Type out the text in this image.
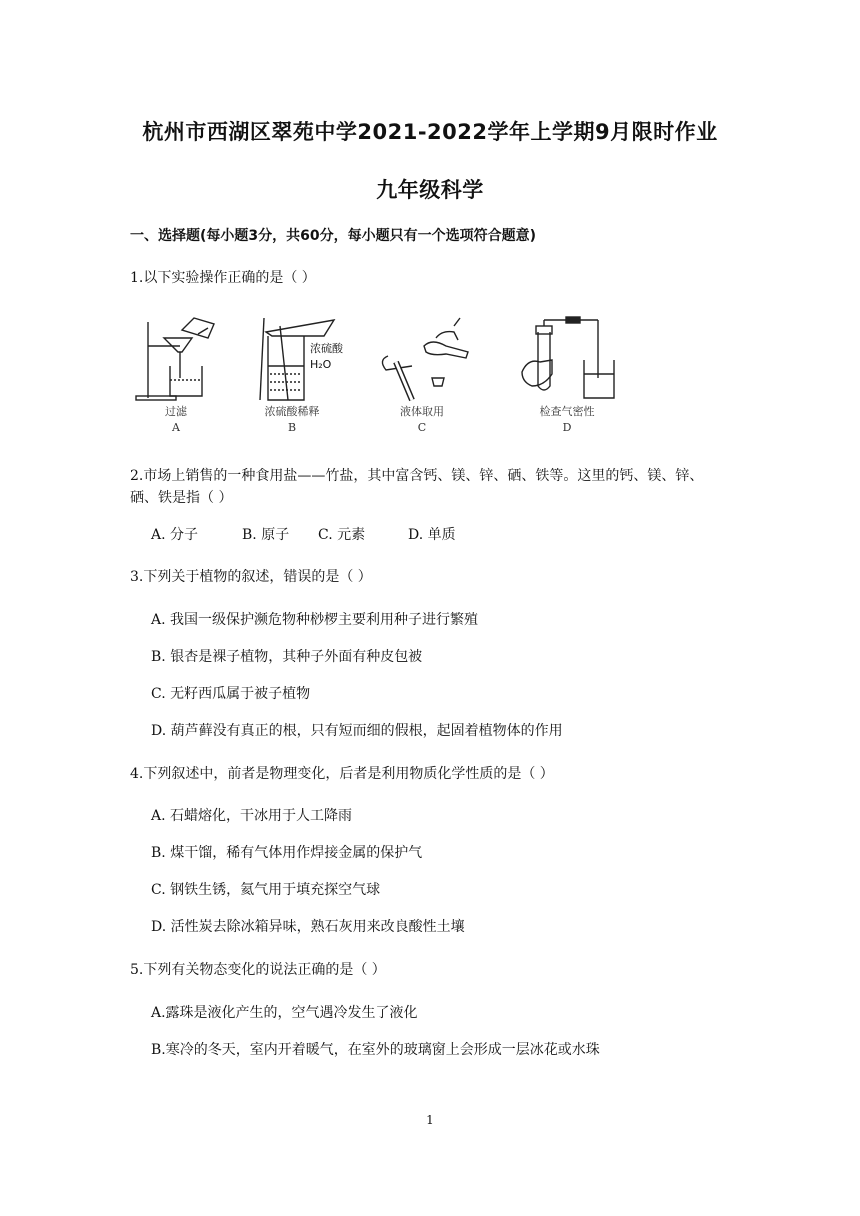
杭州市西湖区翠苑中学2021-2022学年上学期9月限时作业
九年级科学
一、选择题(每小题3分，共60分，每小题只有一个选项符合题意)
1.以下实验操作正确的是（ ）
过滤
A
浓硫酸
H₂O
浓硫酸稀释
B
液体取用
C
检查气密性
D
2.市场上销售的一种食用盐——竹盐，其中富含钙、镁、锌、硒、铁等。这里的钙、镁、锌、
硒、铁是指（ ）
A. 分子	B. 原子 C. 元素	D. 单质
3.下列关于植物的叙述，错误的是（ ）
A. 我国一级保护濒危物种桫椤主要利用种子进行繁殖
B. 银杏是裸子植物，其种子外面有种皮包被
C. 无籽西瓜属于被子植物
D. 葫芦藓没有真正的根，只有短而细的假根，起固着植物体的作用
4.下列叙述中，前者是物理变化，后者是利用物质化学性质的是（ ）
A. 石蜡熔化，干冰用于人工降雨
B. 煤干馏，稀有气体用作焊接金属的保护气
C. 钢铁生锈，氦气用于填充探空气球
D. 活性炭去除冰箱异味，熟石灰用来改良酸性土壤
5.下列有关物态变化的说法正确的是（ ）
A.露珠是液化产生的，空气遇冷发生了液化
B.寒冷的冬天，室内开着暖气，在室外的玻璃窗上会形成一层冰花或水珠
1
